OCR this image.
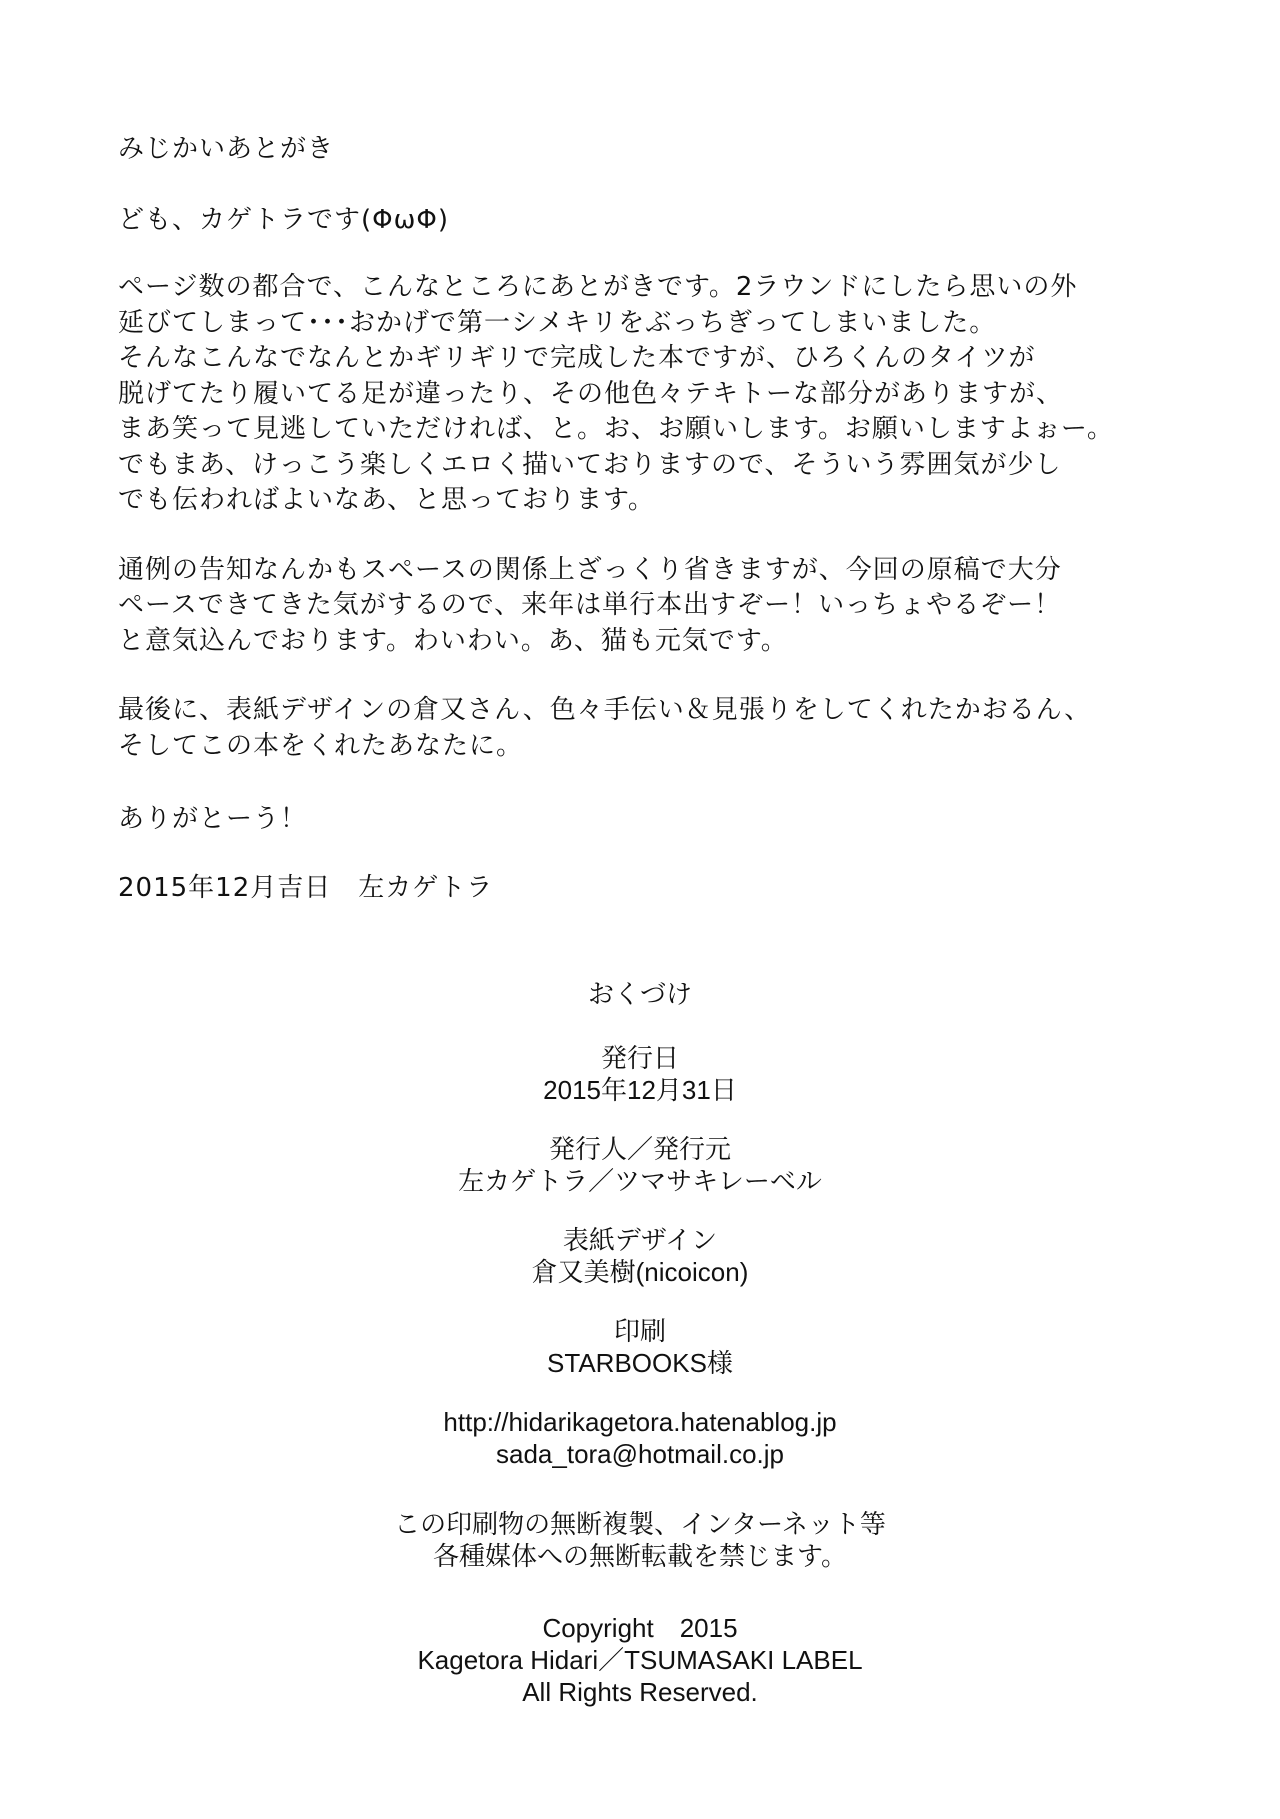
みじかいあとがき

ども、カゲトラです(ΦωΦ)

ページ数の都合で、こんなところにあとがきです。2ラウンドにしたら思いの外
延びてしまって･･･おかげで第一シメキリをぶっちぎってしまいました。
そんなこんなでなんとかギリギリで完成した本ですが、ひろくんのタイツが
脱げてたり履いてる足が違ったり、その他色々テキトーな部分がありますが、
まあ笑って見逃していただければ、と。お、お願いします。お願いしますよぉー。
でもまあ、けっこう楽しくエロく描いておりますので、そういう雰囲気が少し
でも伝わればよいなあ、と思っております。

通例の告知なんかもスペースの関係上ざっくり省きますが、今回の原稿で大分
ペースできてきた気がするので、来年は単行本出すぞー！いっちょやるぞー！
と意気込んでおります。わいわい。あ、猫も元気です。

最後に、表紙デザインの倉又さん、色々手伝い＆見張りをしてくれたかおるん、
そしてこの本をくれたあなたに。

ありがとーう！

2015年12月吉日　左カゲトラ

おくづけ
発行日
2015年12月31日
発行人／発行元
左カゲトラ／ツマサキレーベル
表紙デザイン
倉又美樹(nicoicon)
印刷
STARBOOKS様
http://hidarikagetora.hatenablog.jp
sada_tora@hotmail.co.jp
この印刷物の無断複製、インターネット等
各種媒体への無断転載を禁じます。
Copyright　2015
Kagetora Hidari／TSUMASAKI LABEL
All Rights Reserved.
